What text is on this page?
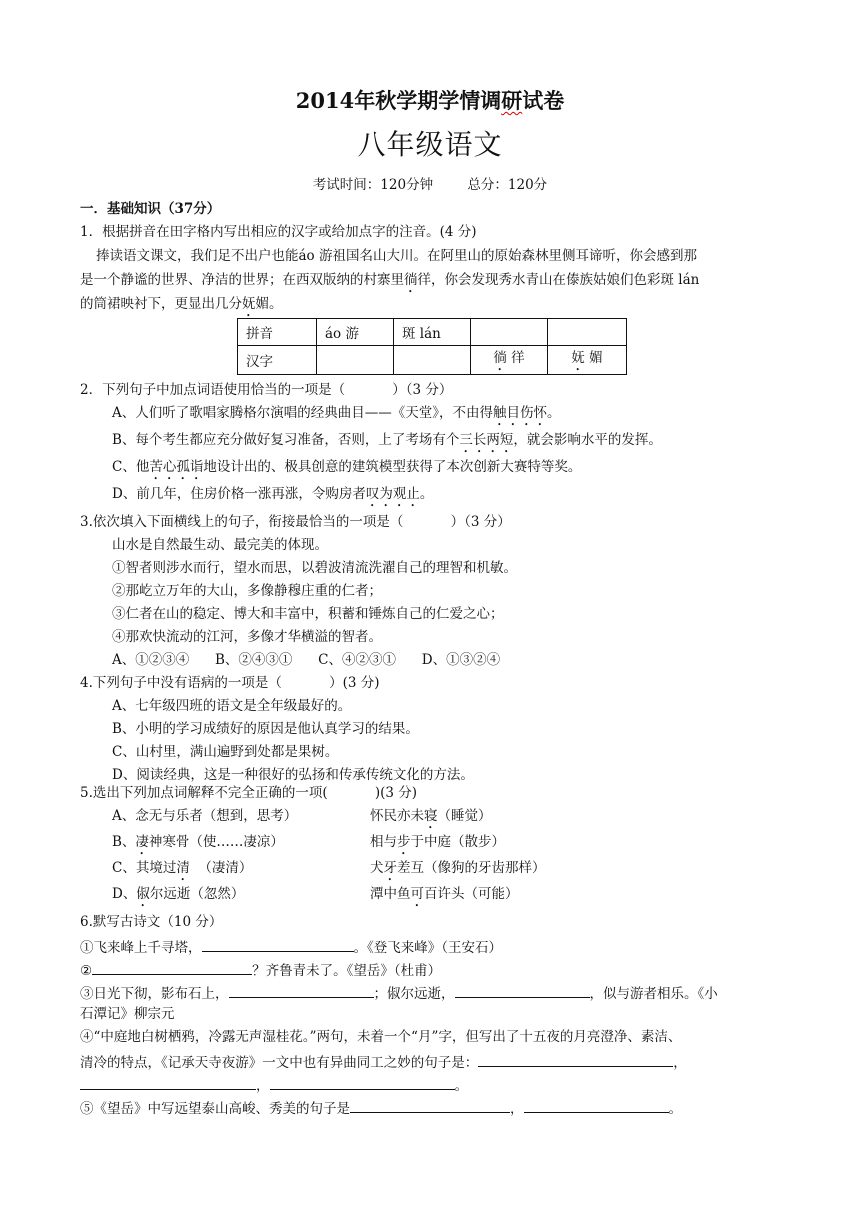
2014年秋学期学情调研试卷
八年级语文
考试时间：120分钟        总分：120分
一．基础知识（37分）
1．根据拼音在田字格内写出相应的汉字或给加点字的注音。(4 分)
捧读语文课文，我们足不出户也能áo 游祖国名山大川。在阿里山的原始森林里侧耳谛听，你会感到那
是一个静谧的世界、净洁的世界；在西双版纳的村寨里徜徉，你会发现秀水青山在傣族姑娘们色彩斑 lán
的筒裙映衬下，更显出几分妩媚。
拼音	áo 游	斑 lán		
汉字			徜 徉	妩 媚
2．下列句子中加点词语使用恰当的一项是（           ）（3 分）
A、人们听了歌唱家腾格尔演唱的经典曲目——《天堂》，不由得触目伤怀。
B、每个考生都应充分做好复习准备，否则，上了考场有个三长两短，就会影响水平的发挥。
C、他苦心孤诣地设计出的、极具创意的建筑模型获得了本次创新大赛特等奖。
D、前几年，住房价格一涨再涨，令购房者叹为观止。
3.依次填入下面横线上的句子，衔接最恰当的一项是（           ）（3 分）
山水是自然最生动、最完美的体现。
①智者则涉水而行，望水而思，以碧波清流洗濯自己的理智和机敏。
②那屹立万年的大山，多像静穆庄重的仁者；
③仁者在山的稳定、博大和丰富中，积蓄和锤炼自己的仁爱之心；
④那欢快流动的江河，多像才华横溢的智者。
A、①②③④      B、②④③①      C、④②③①      D、①③②④
4.下列句子中没有语病的一项是（           ）(3 分)
A、七年级四班的语文是全年级最好的。
B、小明的学习成绩好的原因是他认真学习的结果。
C、山村里，满山遍野到处都是果树。
D、阅读经典，这是一种很好的弘扬和传承传统文化的方法。
5.选出下列加点词解释不完全正确的一项(           )(3 分)
A、念无与乐者（想到，思考）	怀民亦未寝（睡觉）
B、凄神寒骨（使……凄凉）	相与步于中庭（散步）
C、其境过清  （凄清）	犬牙差互（像狗的牙齿那样）
D、俶尔远逝（忽然）	潭中鱼可百许头（可能）
6.默写古诗文（10 分）
①飞来峰上千寻塔，	。《登飞来峰》（王安石）
②	？齐鲁青未了。《望岳》（杜甫）
③日光下彻，影布石上，	；俶尔远逝，	，似与游者相乐。《小
石潭记》柳宗元
④“中庭地白树栖鸦，冷露无声湿桂花。”两句，未着一个“月”字，但写出了十五夜的月亮澄净、素洁、
清冷的特点，《记承天寺夜游》一文中也有异曲同工之妙的句子是：	，
，	。
⑤《望岳》中写远望泰山高峻、秀美的句子是	，	。
